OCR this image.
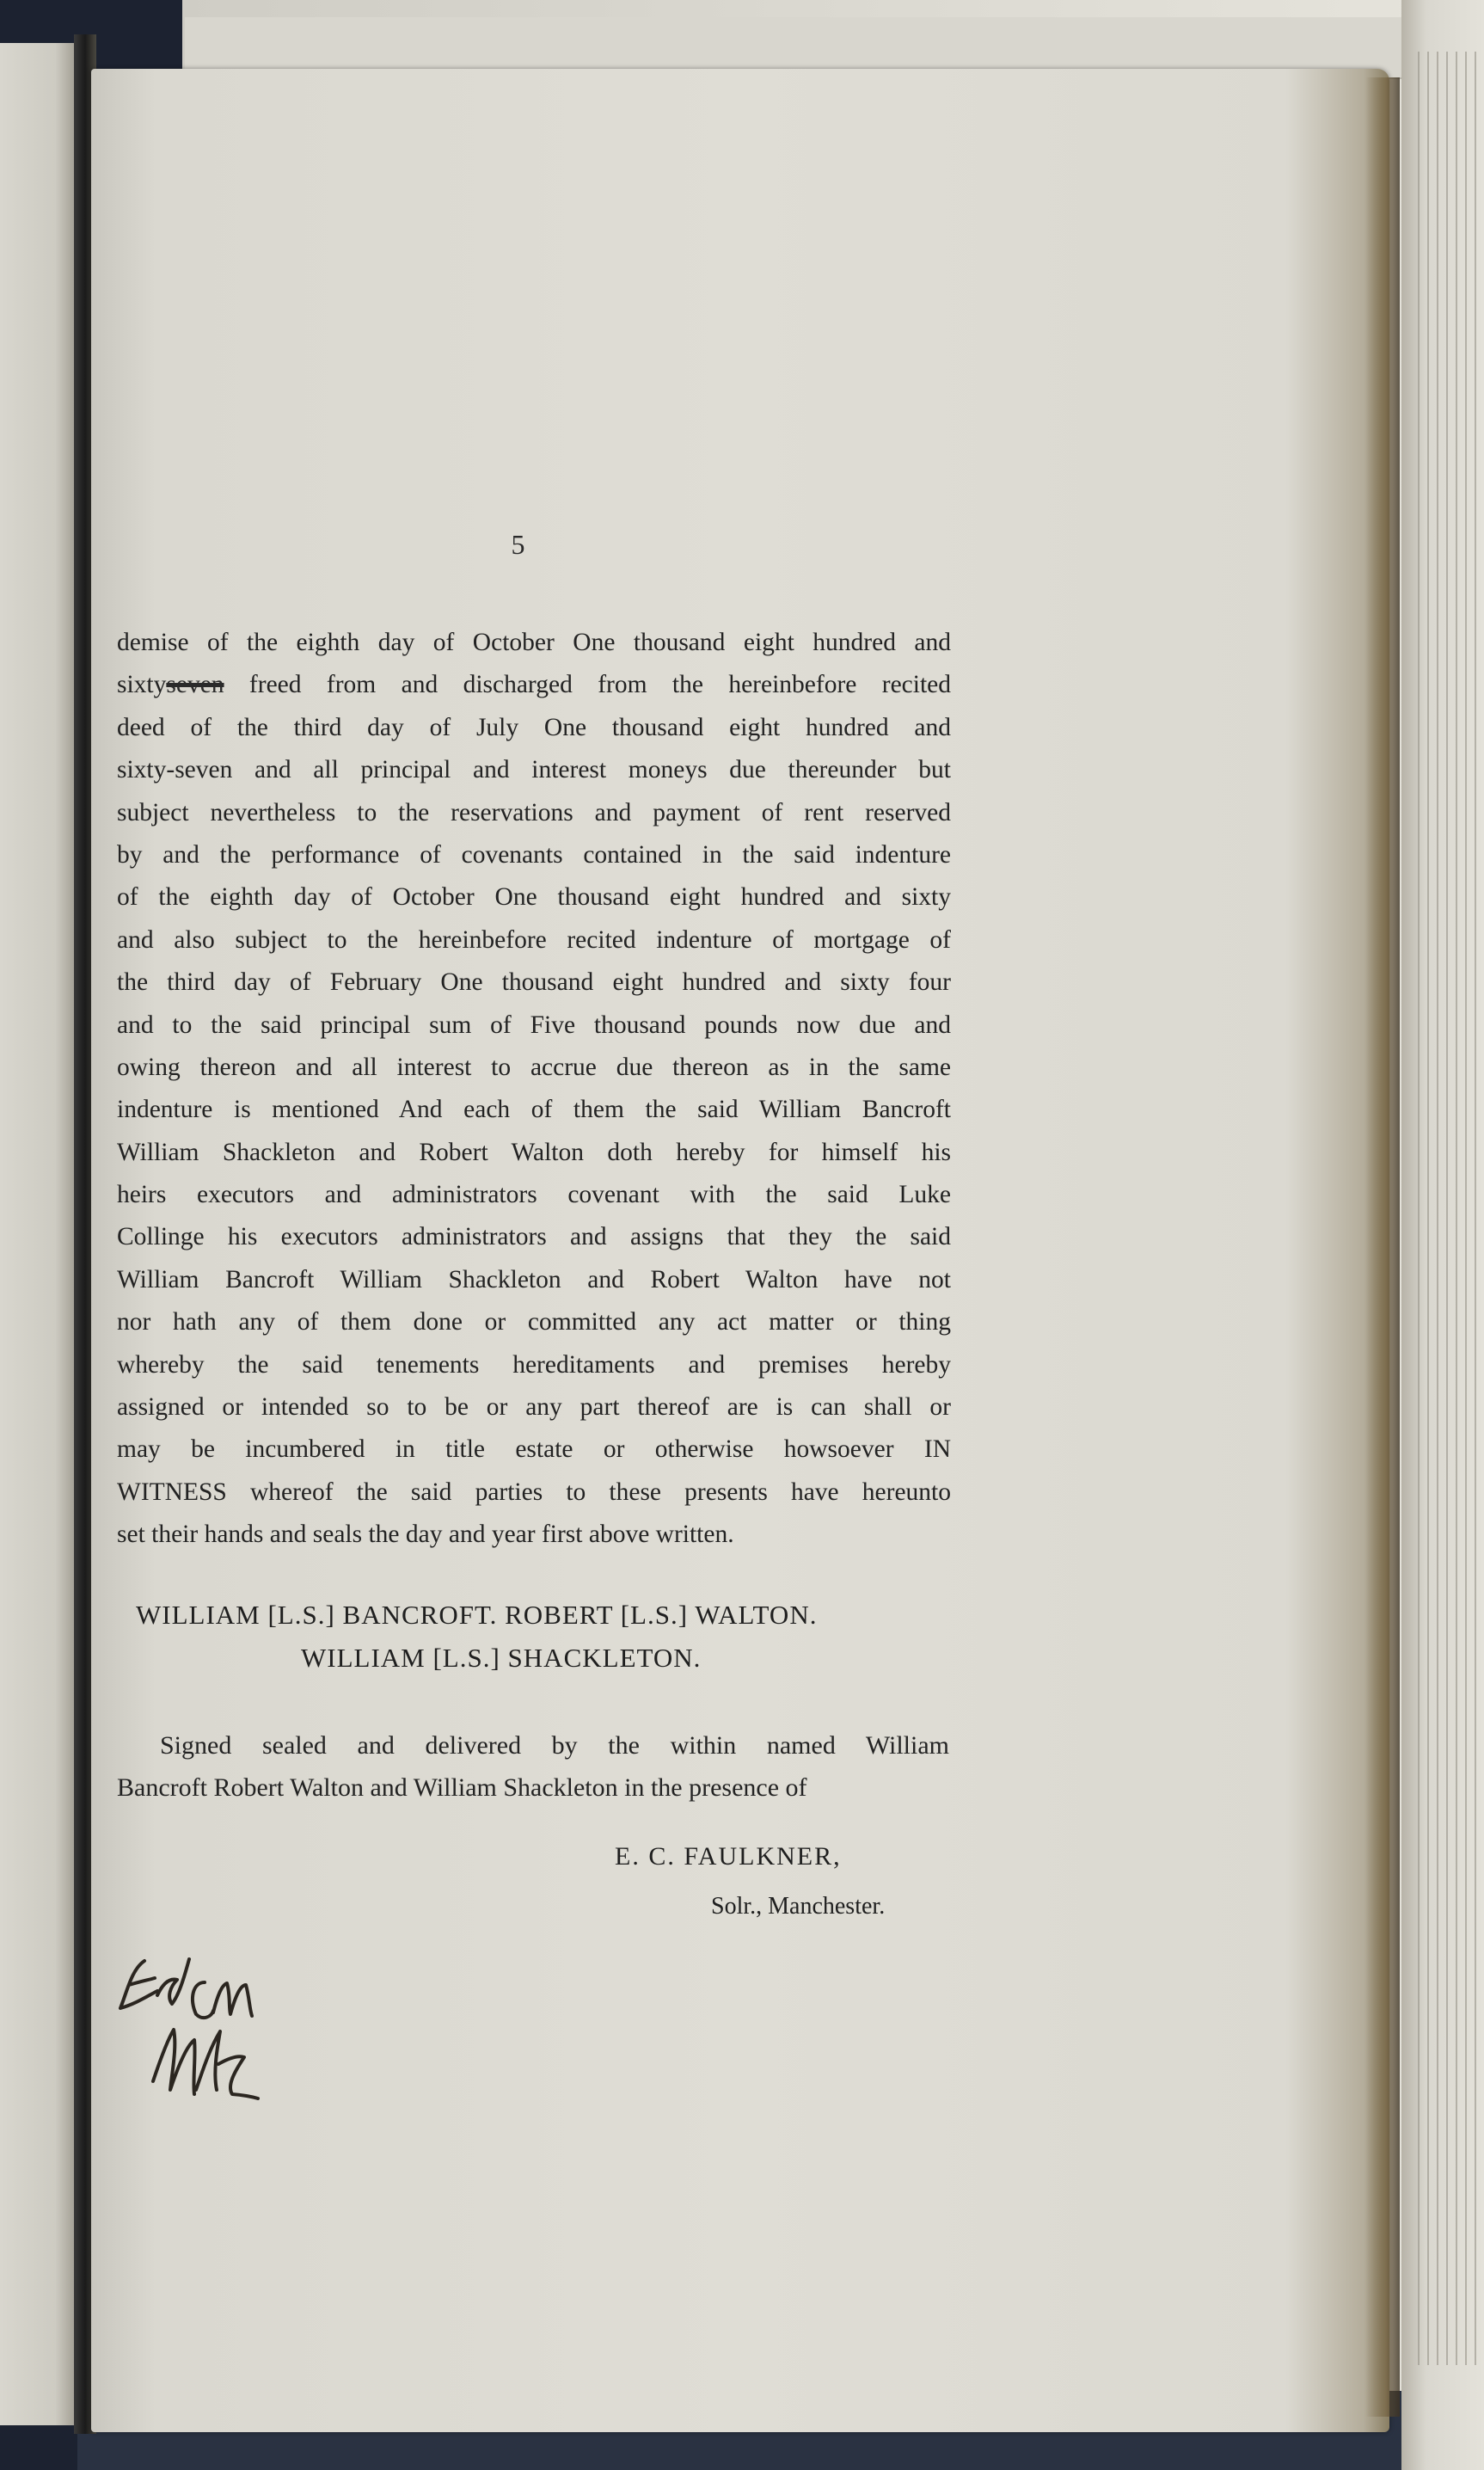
5
demise of the eighth day of October One thousand eight hundred and
sixtyseven freed from and discharged from the hereinbefore recited
deed of the third day of July One thousand eight hundred and
sixty-seven and all principal and interest moneys due thereunder but
subject nevertheless to the reservations and payment of rent reserved
by and the performance of covenants contained in the said indenture
of the eighth day of October One thousand eight hundred and sixty
and also subject to the hereinbefore recited indenture of mortgage of
the third day of February One thousand eight hundred and sixty four
and to the said principal sum of Five thousand pounds now due and
owing thereon and all interest to accrue due thereon as in the same
indenture is mentioned And each of them the said William Bancroft
William Shackleton and Robert Walton doth hereby for himself his
heirs executors and administrators covenant with the said Luke
Collinge his executors administrators and assigns that they the said
William Bancroft William Shackleton and Robert Walton have not
nor hath any of them done or committed any act matter or thing
whereby the said tenements hereditaments and premises hereby
assigned or intended so to be or any part thereof are is can shall or
may be incumbered in title estate or otherwise howsoever IN
WITNESS whereof the said parties to these presents have hereunto
set their hands and seals the day and year first above written.
WILLIAM [L.S.] BANCROFT. ROBERT [L.S.] WALTON.
WILLIAM [L.S.] SHACKLETON.
Signed sealed and delivered by the within named William
Bancroft Robert Walton and William Shackleton in the presence of
E. C. FAULKNER,
Solr., Manchester.
